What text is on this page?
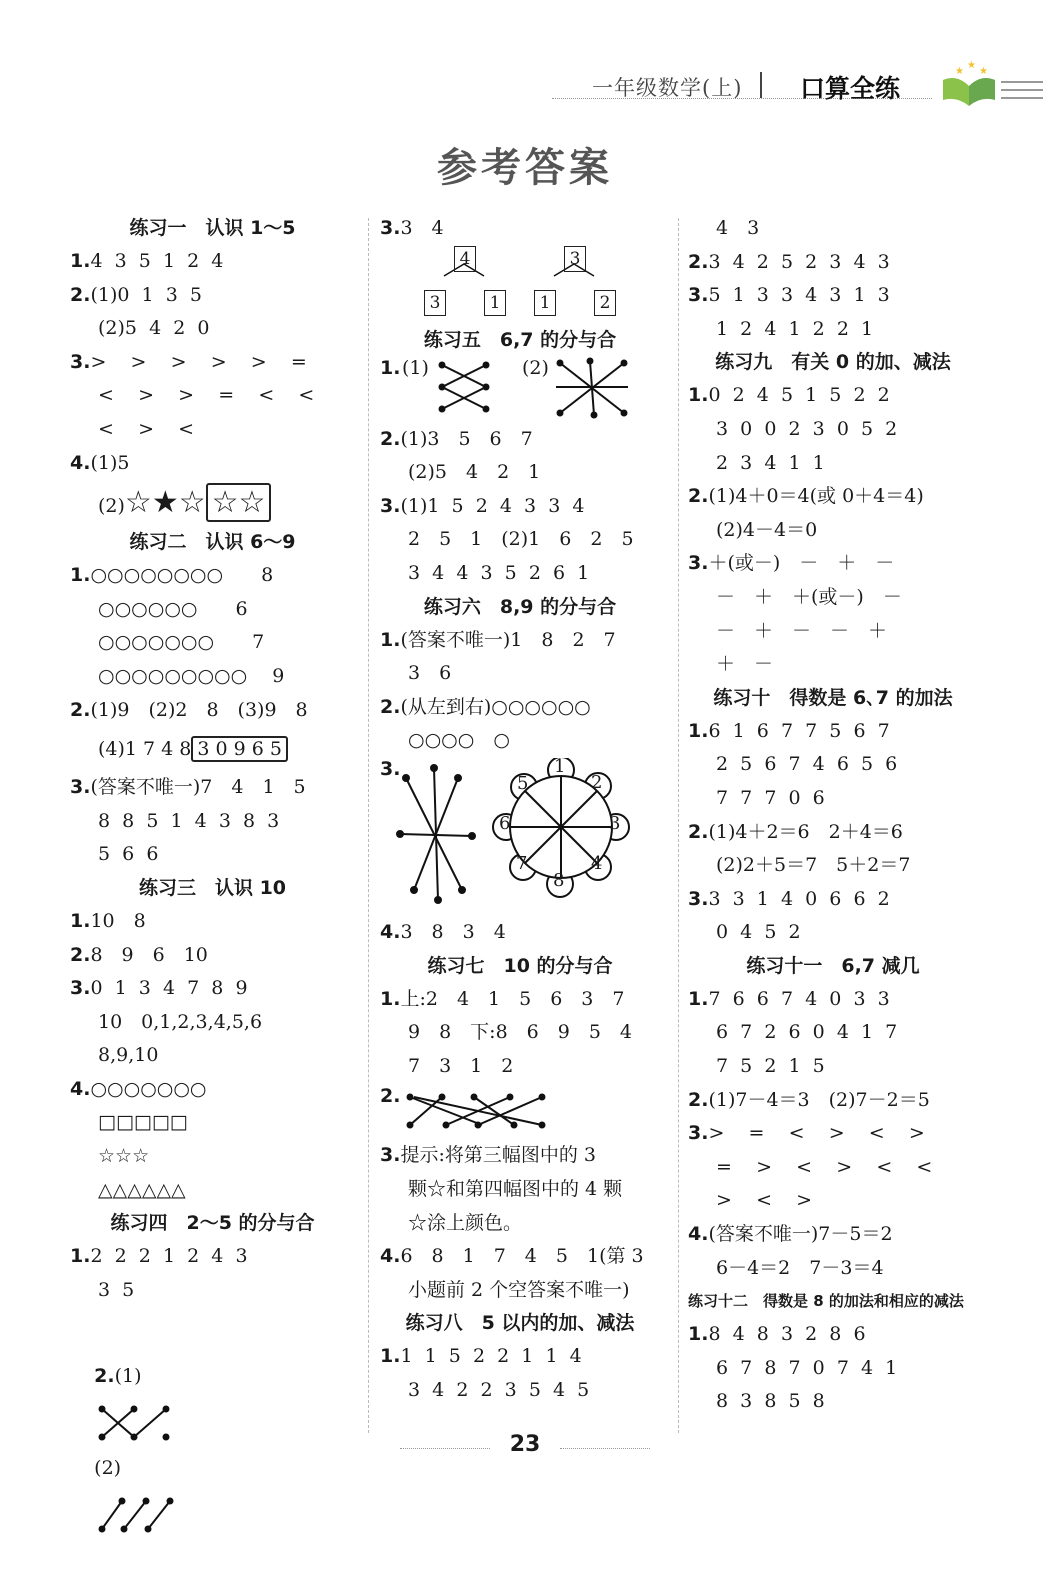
一年级数学(上) 口算全练
★
★
★
参考答案
练习一　认识 1～5
1.4  3  5  1  2  4
2.(1)0  1  3  5
(2)5  4  2  0
3.>    >    >    >    >    =
<    >    >    =    <    <
<    >    <
4.(1)5
(2)☆★☆ ☆☆
练习二　认识 6～9
1.○○○○○○○○　　 8
○○○○○○　　 6
○○○○○○○　　 7
○○○○○○○○○　 9
2.(1)9　(2)2　8　(3)9　8
(4)1 7 4 8 3 0 9 6 5
3.(答案不唯一)7　4　1　5
8  8  5  1  4  3  8  3
5  6  6
练习三　认识 10
1.10　8
2.8　9　6　10
3.0  1  3  4  7  8  9
10　0,1,2,3,4,5,6
8,9,10
4.○○○○○○○
□□□□□
☆☆☆
△△△△△△
练习四　2～5 的分与合
1.2  2  2  1  2  4  3
3  5

2.(1)

(2)

3.3　4
4
3	1
3
1	2
练习五　6,7 的分与合
1. (1)	(2)
2.(1)3　5　6　7
(2)5　4　2　1
3.(1)1  5  2  4  3  3  4
2　5　1　(2)1　6　2　5
3  4  4  3  5  2  6  1
练习六　8,9 的分与合
1.(答案不唯一)1　8　2　7
3　6
2.(从左到右)○○○○○○
○○○○　○
3.	1
2
3
4
8
7
6
5
4.3　8　3　4
练习七　10 的分与合
1.上:2　4　1　5　6　3　7
9　8　下:8　6　9　5　4
7　3　1　2
2.
3.提示:将第三幅图中的 3
颗☆和第四幅图中的 4 颗
☆涂上颜色。
4.6　8　1　7　4　5　1(第 3
小题前 2 个空答案不唯一)
练习八　5 以内的加、减法
1.1  1  5  2  2  1  1  4
3  4  2  2  3  5  4  5
4　3
2.3  4  2  5  2  3  4  3
3.5  1  3  3  4  3  1  3
1  2  4  1  2  2  1
练习九　有关 0 的加、减法
1.0  2  4  5  1  5  2  2
3  0  0  2  3  0  5  2
2  3  4  1  1
2.(1)4＋0＝4(或 0＋4＝4)
(2)4－4＝0
3.＋(或－)　－　＋　－
－　＋　＋(或－)　－
－　＋　－　－　＋
＋　－
练习十　得数是 6､7 的加法
1.6  1  6  7  7  5  6  7
2  5  6  7  4  6  5  6
7  7  7  0  6
2.(1)4＋2＝6　2＋4＝6
(2)2＋5＝7　5＋2＝7
3.3  3  1  4  0  6  6  2
0  4  5  2
练习十一　6,7 减几
1.7  6  6  7  4  0  3  3
6  7  2  6  0  4  1  7
7  5  2  1  5
2.(1)7－4＝3　(2)7－2＝5
3.>    =    <    >    <    >
=    >    <    >    <    <
>    <    >
4.(答案不唯一)7－5＝2
6－4＝2　7－3＝4
练习十二　得数是 8 的加法和相应的减法
1.8  4  8  3  2  8  6
6  7  8  7  0  7  4  1
8  3  8  5  8
23
